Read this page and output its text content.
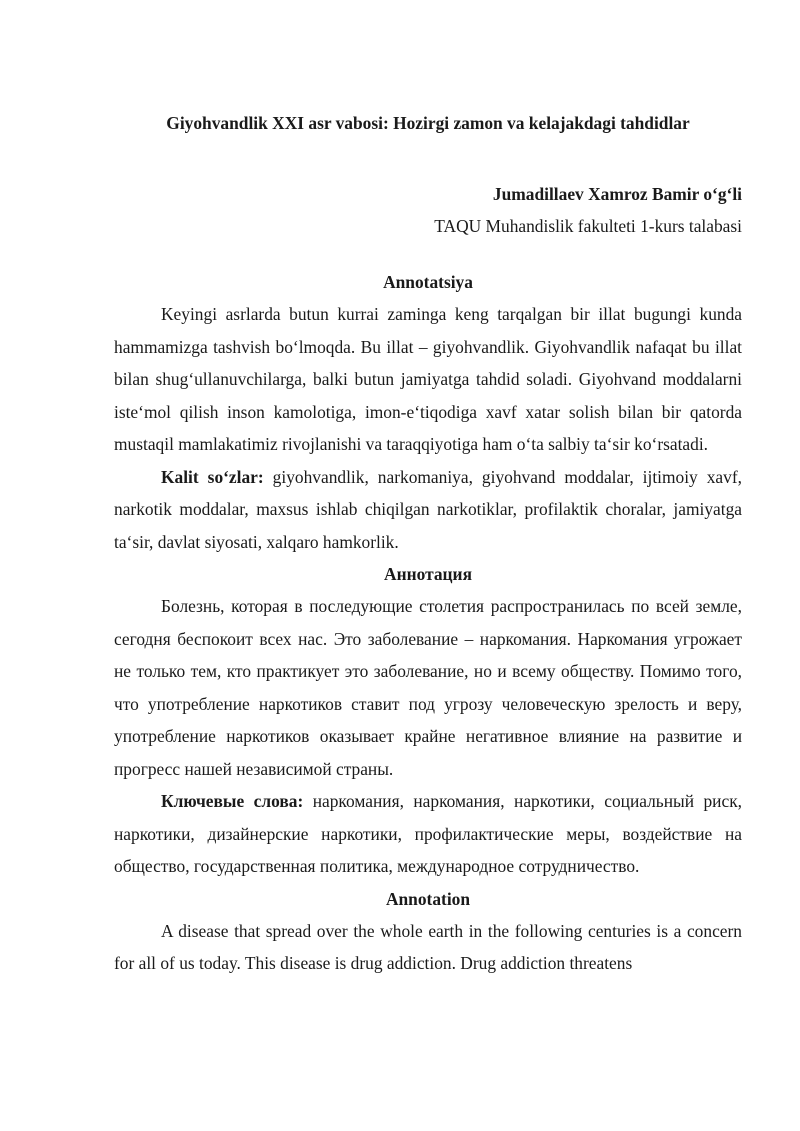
Giyohvandlik XXI asr vabosi: Hozirgi zamon va kelajakdagi tahdidlar

Jumadillaev Xamroz Bamir o‘g‘li

TAQU Muhandislik fakulteti 1-kurs talabasi

Annotatsiya

Keyingi asrlarda butun kurrai zaminga keng tarqalgan bir illat bugungi kunda hammamizga tashvish bo‘lmoqda. Bu illat – giyohvandlik. Giyohvandlik nafaqat bu illat bilan shug‘ullanuvchilarga, balki butun jamiyatga tahdid soladi. Giyohvand moddalarni iste‘mol qilish inson kamolotiga, imon-e‘tiqodiga xavf xatar solish bilan bir qatorda mustaqil mamlakatimiz rivojlanishi va taraqqiyotiga ham o‘ta salbiy ta‘sir ko‘rsatadi.

Kalit so‘zlar: giyohvandlik, narkomaniya, giyohvand moddalar, ijtimoiy xavf, narkotik moddalar, maxsus ishlab chiqilgan narkotiklar, profilaktik choralar, jamiyatga ta‘sir, davlat siyosati, xalqaro hamkorlik.

Аннотация

Болезнь, которая в последующие столетия распространилась по всей земле, сегодня беспокоит всех нас. Это заболевание – наркомания. Наркомания угрожает не только тем, кто практикует это заболевание, но и всему обществу. Помимо того, что употребление наркотиков ставит под угрозу человеческую зрелость и веру, употребление наркотиков оказывает крайне негативное влияние на развитие и прогресс нашей независимой страны.

Ключевые слова: наркомания, наркомания, наркотики, социальный риск, наркотики, дизайнерские наркотики, профилактические меры, воздействие на общество, государственная политика, международное сотрудничество.

Annotation

A disease that spread over the whole earth in the following centuries is a concern for all of us today. This disease is drug addiction. Drug addiction threatens
